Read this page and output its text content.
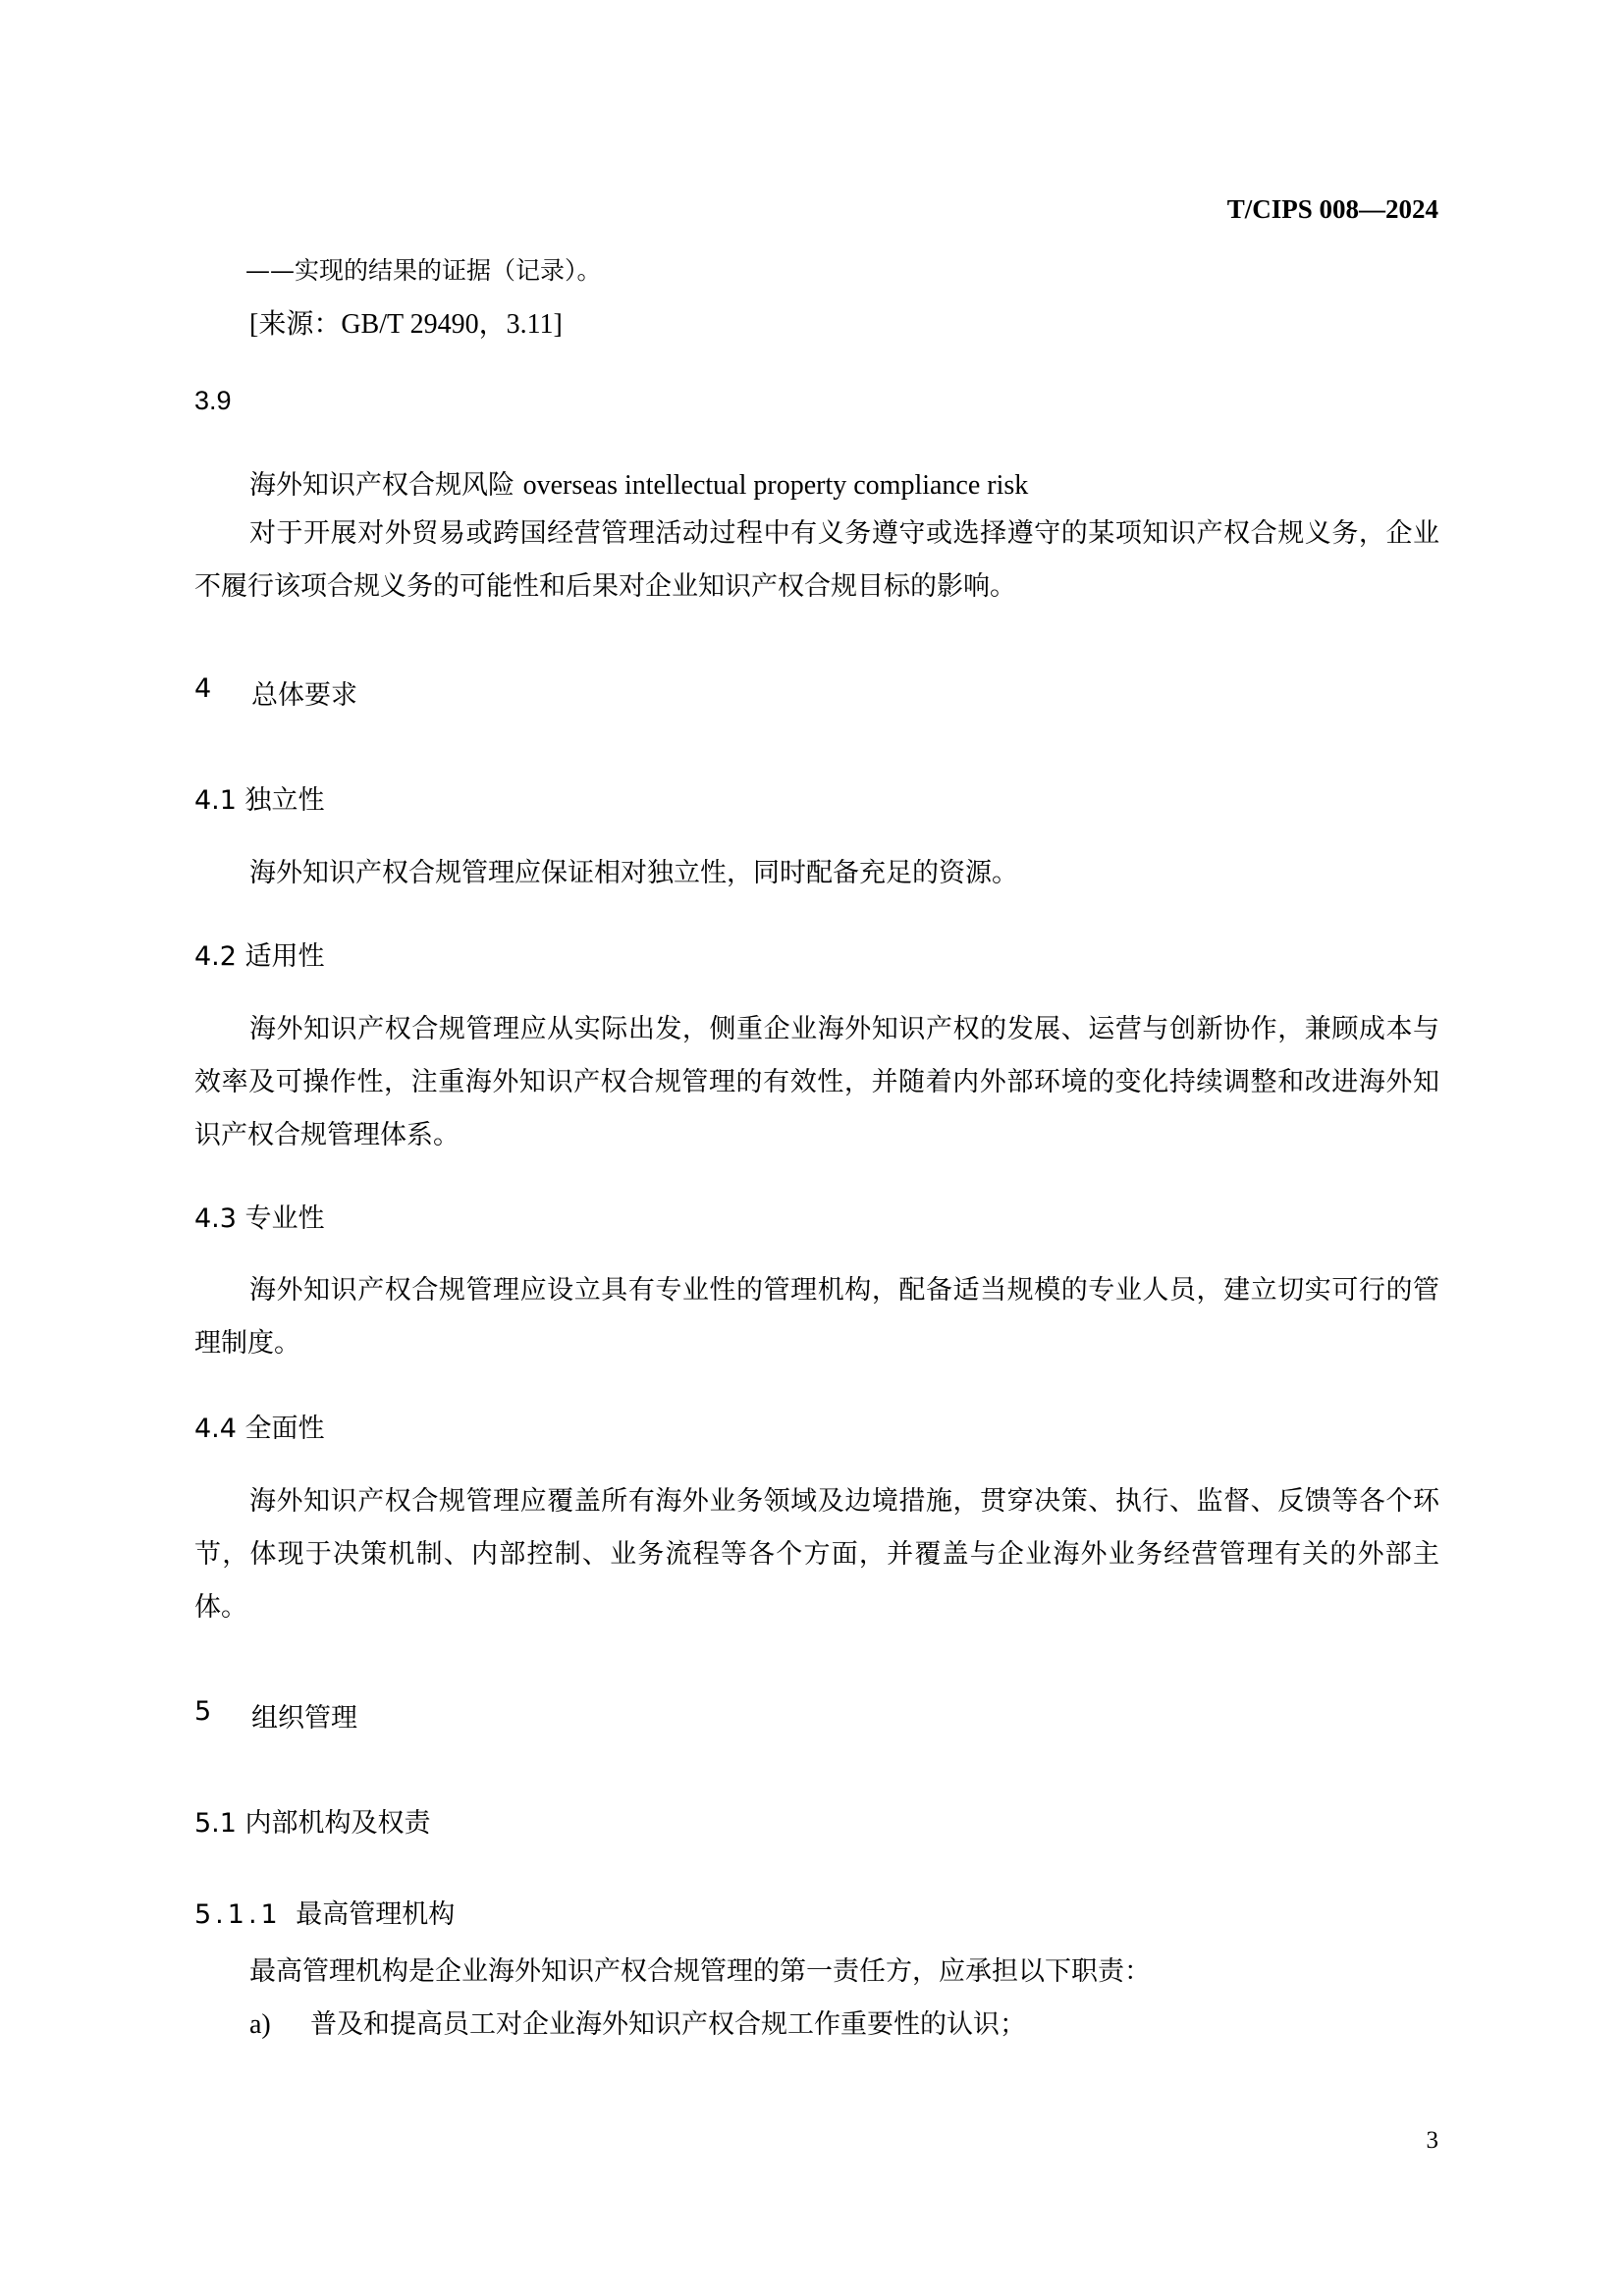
T/CIPS 008—2024
——实现的结果的证据（记录）。
[来源：GB/T 29490，3.11]
3.9
海外知识产权合规风险 overseas intellectual property compliance risk
对于开展对外贸易或跨国经营管理活动过程中有义务遵守或选择遵守的某项知识产权合规义务，企业不履行该项合规义务的可能性和后果对企业知识产权合规目标的影响。
4 总体要求
4.1 独立性
海外知识产权合规管理应保证相对独立性，同时配备充足的资源。
4.2 适用性
海外知识产权合规管理应从实际出发，侧重企业海外知识产权的发展、运营与创新协作，兼顾成本与效率及可操作性，注重海外知识产权合规管理的有效性，并随着内外部环境的变化持续调整和改进海外知识产权合规管理体系。
4.3 专业性
海外知识产权合规管理应设立具有专业性的管理机构，配备适当规模的专业人员，建立切实可行的管理制度。
4.4 全面性
海外知识产权合规管理应覆盖所有海外业务领域及边境措施，贯穿决策、执行、监督、反馈等各个环节，体现于决策机制、内部控制、业务流程等各个方面，并覆盖与企业海外业务经营管理有关的外部主体。
5 组织管理
5.1 内部机构及权责
5.1.1 最高管理机构
最高管理机构是企业海外知识产权合规管理的第一责任方，应承担以下职责：
a) 普及和提高员工对企业海外知识产权合规工作重要性的认识；
3
